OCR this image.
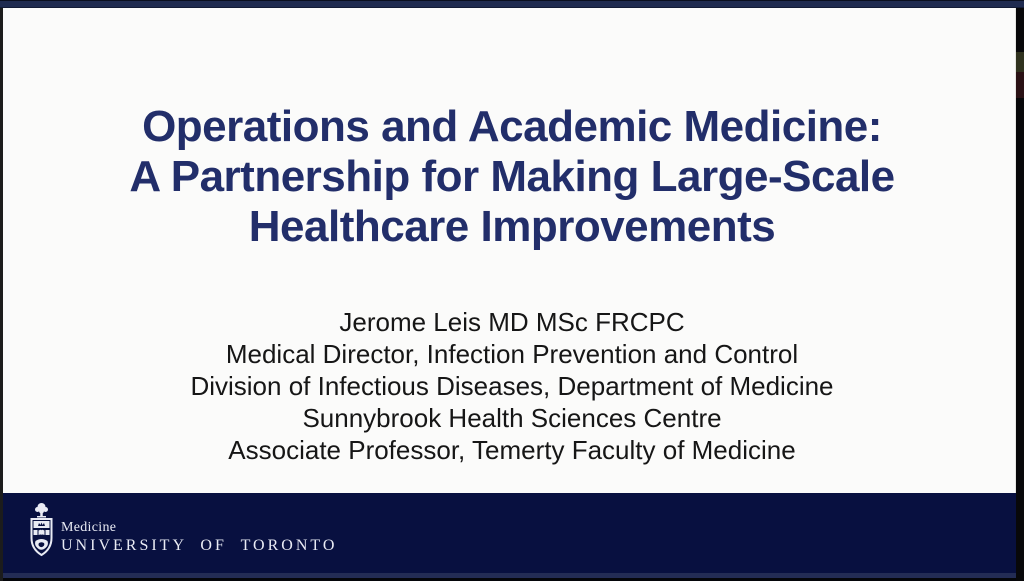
Operations and Academic Medicine:
A Partnership for Making Large-Scale
Healthcare Improvements
Jerome Leis MD MSc FRCPC
Medical Director, Infection Prevention and Control
Division of Infectious Diseases, Department of Medicine
Sunnybrook Health Sciences Centre
Associate Professor, Temerty Faculty of Medicine
Medicine
UNIVERSITY OF TORONTO
